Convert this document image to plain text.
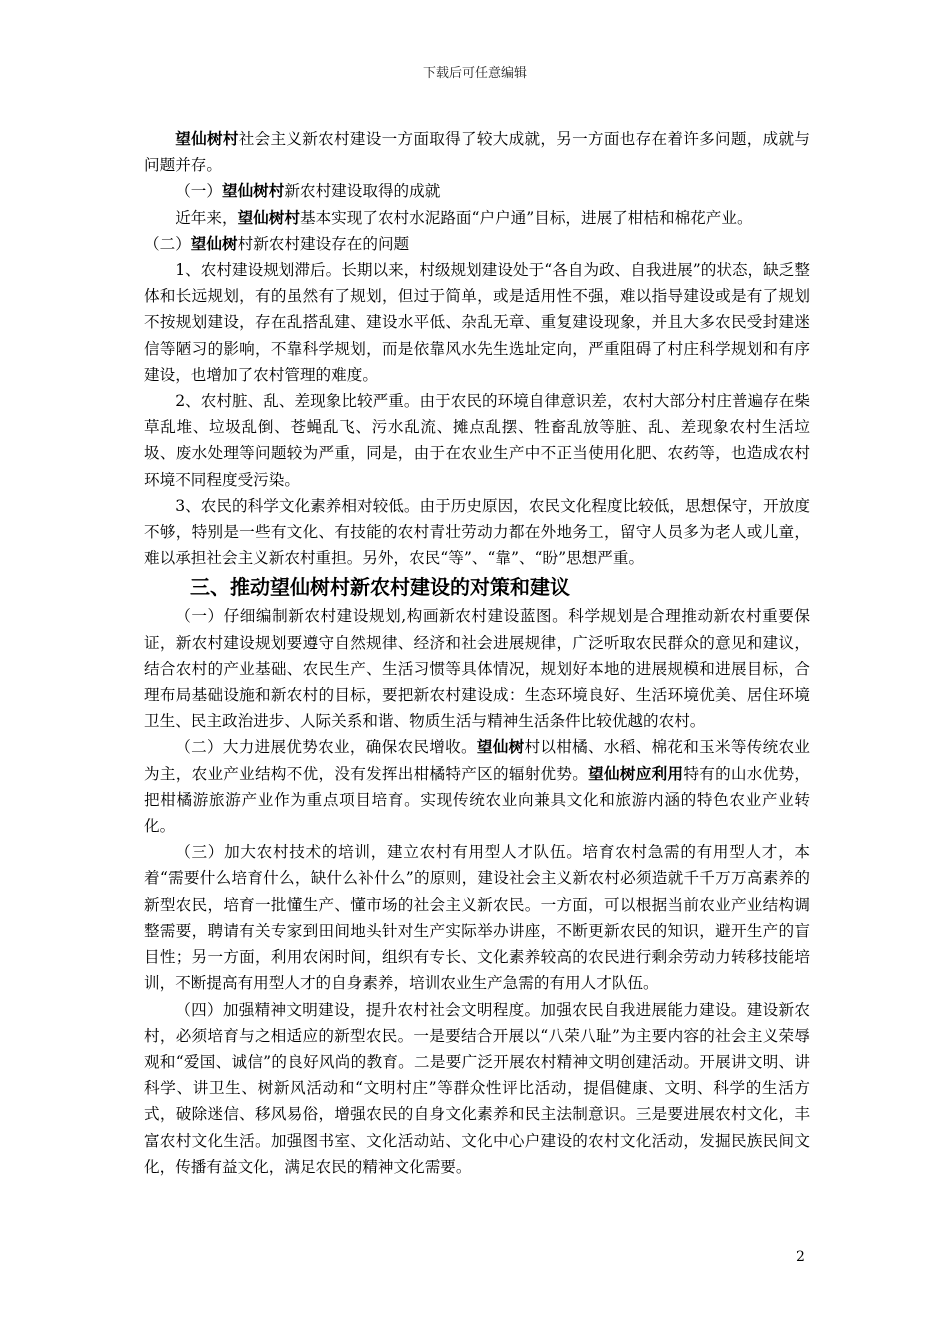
下载后可任意编辑

望仙树村社会主义新农村建设一方面取得了较大成就，另一方面也存在着许多问题，成就与问题并存。

（一）望仙树村新农村建设取得的成就

近年来，望仙树村基本实现了农村水泥路面“户户通”目标，进展了柑桔和棉花产业。

（二）望仙树村新农村建设存在的问题

1、农村建设规划滞后。长期以来，村级规划建设处于“各自为政、自我进展”的状态，缺乏整体和长远规划，有的虽然有了规划，但过于简单，或是适用性不强，难以指导建设或是有了规划不按规划建设，存在乱搭乱建、建设水平低、杂乱无章、重复建设现象，并且大多农民受封建迷信等陋习的影响，不靠科学规划，而是依靠风水先生选址定向，严重阻碍了村庄科学规划和有序建设，也增加了农村管理的难度。

2、农村脏、乱、差现象比较严重。由于农民的环境自律意识差，农村大部分村庄普遍存在柴草乱堆、垃圾乱倒、苍蝇乱飞、污水乱流、摊点乱摆、牲畜乱放等脏、乱、差现象农村生活垃圾、废水处理等问题较为严重，同是，由于在农业生产中不正当使用化肥、农药等，也造成农村环境不同程度受污染。

3、农民的科学文化素养相对较低。由于历史原因，农民文化程度比较低，思想保守，开放度不够，特别是一些有文化、有技能的农村青壮劳动力都在外地务工，留守人员多为老人或儿童，难以承担社会主义新农村重担。另外，农民“等”、“靠”、“盼”思想严重。

三、推动望仙树村新农村建设的对策和建议

（一）仔细编制新农村建设规划,构画新农村建设蓝图。科学规划是合理推动新农村重要保证，新农村建设规划要遵守自然规律、经济和社会进展规律，广泛听取农民群众的意见和建议，结合农村的产业基础、农民生产、生活习惯等具体情况，规划好本地的进展规模和进展目标，合理布局基础设施和新农村的目标，要把新农村建设成：生态环境良好、生活环境优美、居住环境卫生、民主政治进步、人际关系和谐、物质生活与精神生活条件比较优越的农村。

（二）大力进展优势农业，确保农民增收。望仙树村以柑橘、水稻、棉花和玉米等传统农业为主，农业产业结构不优，没有发挥出柑橘特产区的辐射优势。望仙树应利用特有的山水优势，把柑橘游旅游产业作为重点项目培育。实现传统农业向兼具文化和旅游内涵的特色农业产业转化。

（三）加大农村技术的培训，建立农村有用型人才队伍。培育农村急需的有用型人才，本着“需要什么培育什么，缺什么补什么”的原则，建设社会主义新农村必须造就千千万万高素养的新型农民，培育一批懂生产、懂市场的社会主义新农民。一方面，可以根据当前农业产业结构调整需要，聘请有关专家到田间地头针对生产实际举办讲座，不断更新农民的知识，避开生产的盲目性；另一方面，利用农闲时间，组织有专长、文化素养较高的农民进行剩余劳动力转移技能培训，不断提高有用型人才的自身素养，培训农业生产急需的有用人才队伍。

（四）加强精神文明建设，提升农村社会文明程度。加强农民自我进展能力建设。建设新农村，必须培育与之相适应的新型农民。一是要结合开展以“八荣八耻”为主要内容的社会主义荣辱观和“爱国、诚信”的良好风尚的教育。二是要广泛开展农村精神文明创建活动。开展讲文明、讲科学、讲卫生、树新风活动和“文明村庄”等群众性评比活动，提倡健康、文明、科学的生活方式，破除迷信、移风易俗，增强农民的自身文化素养和民主法制意识。三是要进展农村文化，丰富农村文化生活。加强图书室、文化活动站、文化中心户建设的农村文化活动，发掘民族民间文化，传播有益文化，满足农民的精神文化需要。

2
